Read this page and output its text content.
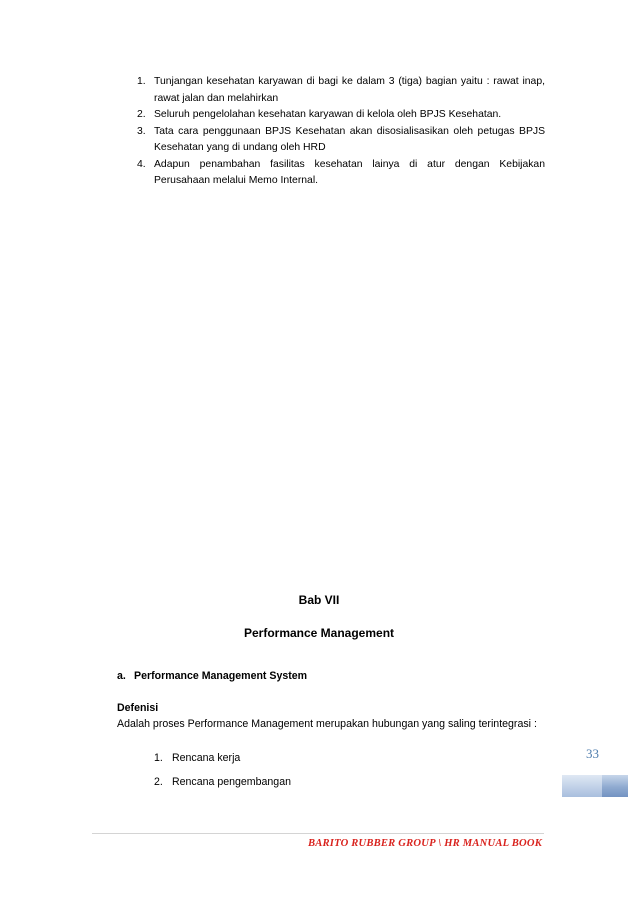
1. Tunjangan kesehatan karyawan di bagi ke dalam 3 (tiga) bagian yaitu : rawat inap, rawat jalan dan melahirkan
2. Seluruh pengelolahan kesehatan karyawan di kelola oleh BPJS Kesehatan.
3. Tata cara penggunaan BPJS Kesehatan akan disosialisasikan oleh petugas BPJS Kesehatan yang di undang oleh HRD
4. Adapun penambahan fasilitas kesehatan lainya di atur dengan Kebijakan Perusahaan melalui Memo Internal.
Bab VII
Performance Management
a. Performance Management System
Defenisi
Adalah proses Performance Management merupakan hubungan yang saling terintegrasi :
1. Rencana kerja
2. Rencana pengembangan
33
BARITO RUBBER GROUP \ HR MANUAL BOOK
